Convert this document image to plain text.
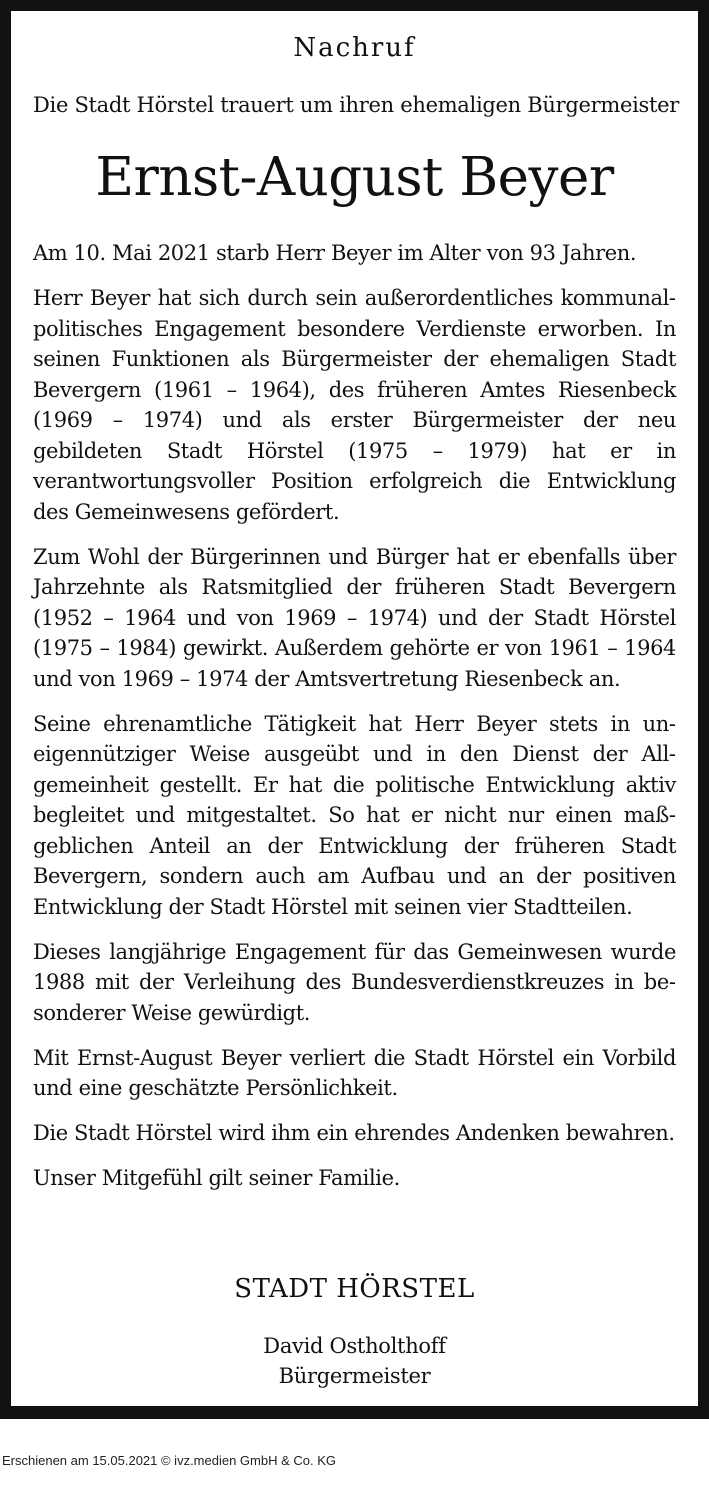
Nachruf
Die Stadt Hörstel trauert um ihren ehemaligen Bürgermeister
Ernst-August Beyer

Am 10. Mai 2021 starb Herr Beyer im Alter von 93 Jahren.

Herr Beyer hat sich durch sein außerordentliches kommunalpolitisches Engagement besondere Verdienste erworben. In seinen Funktionen als Bürgermeister der ehemaligen Stadt Bevergern (1961 – 1964), des früheren Amtes Riesenbeck (1969 – 1974) und als erster Bürgermeister der neu gebildeten Stadt Hörstel (1975 – 1979) hat er in verantwortungsvoller Position erfolgreich die Entwicklung des Gemeinwesens gefördert.

Zum Wohl der Bürgerinnen und Bürger hat er ebenfalls über Jahrzehnte als Ratsmitglied der früheren Stadt Bevergern (1952 – 1964 und von 1969 – 1974) und der Stadt Hörstel (1975 – 1984) gewirkt. Außerdem gehörte er von 1961 – 1964 und von 1969 – 1974 der Amtsvertretung Riesenbeck an.

Seine ehrenamtliche Tätigkeit hat Herr Beyer stets in uneigennütziger Weise ausgeübt und in den Dienst der Allgemeinheit gestellt. Er hat die politische Entwicklung aktiv begleitet und mitgestaltet. So hat er nicht nur einen maßgeblichen Anteil an der Entwicklung der früheren Stadt Bevergern, sondern auch am Aufbau und an der positiven Entwicklung der Stadt Hörstel mit seinen vier Stadtteilen.

Dieses langjährige Engagement für das Gemeinwesen wurde 1988 mit der Verleihung des Bundesverdienstkreuzes in besonderer Weise gewürdigt.

Mit Ernst-August Beyer verliert die Stadt Hörstel ein Vorbild und eine geschätzte Persönlichkeit.

Die Stadt Hörstel wird ihm ein ehrendes Andenken bewahren.

Unser Mitgefühl gilt seiner Familie.

STADT HÖRSTEL
David Ostholthoff
Bürgermeister
Erschienen am 15.05.2021 © ivz.medien GmbH & Co. KG
